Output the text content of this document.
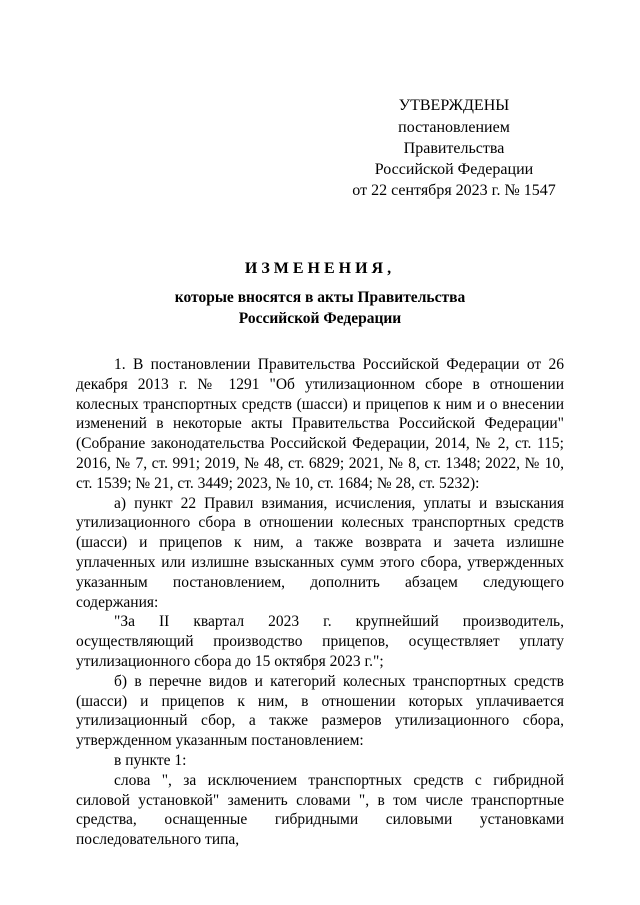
УТВЕРЖДЕНЫ
постановлением Правительства
Российской Федерации
от 22 сентября 2023 г. № 1547
ИЗМЕНЕНИЯ,
которые вносятся в акты Правительства
Российской Федерации

1. В постановлении Правительства Российской Федерации от 26 декабря 2013 г. № 1291 "Об утилизационном сборе в отношении колесных транспортных средств (шасси) и прицепов к ним и о внесении изменений в некоторые акты Правительства Российской Федерации" (Собрание законодательства Российской Федерации, 2014, № 2, ст. 115; 2016, № 7, ст. 991; 2019, № 48, ст. 6829; 2021, № 8, ст. 1348; 2022, № 10, ст. 1539; № 21, ст. 3449; 2023, № 10, ст. 1684; № 28, ст. 5232):

а) пункт 22 Правил взимания, исчисления, уплаты и взыскания утилизационного сбора в отношении колесных транспортных средств (шасси) и прицепов к ним, а также возврата и зачета излишне уплаченных или излишне взысканных сумм этого сбора, утвержденных указанным постановлением, дополнить абзацем следующего содержания:

"За II квартал 2023 г. крупнейший производитель, осуществляющий производство прицепов, осуществляет уплату утилизационного сбора до 15 октября 2023 г.";

б) в перечне видов и категорий колесных транспортных средств (шасси) и прицепов к ним, в отношении которых уплачивается утилизационный сбор, а также размеров утилизационного сбора, утвержденном указанным постановлением:

в пункте 1:

слова ", за исключением транспортных средств с гибридной силовой установкой" заменить словами ", в том числе транспортные средства, оснащенные гибридными силовыми установками последовательного типа,
